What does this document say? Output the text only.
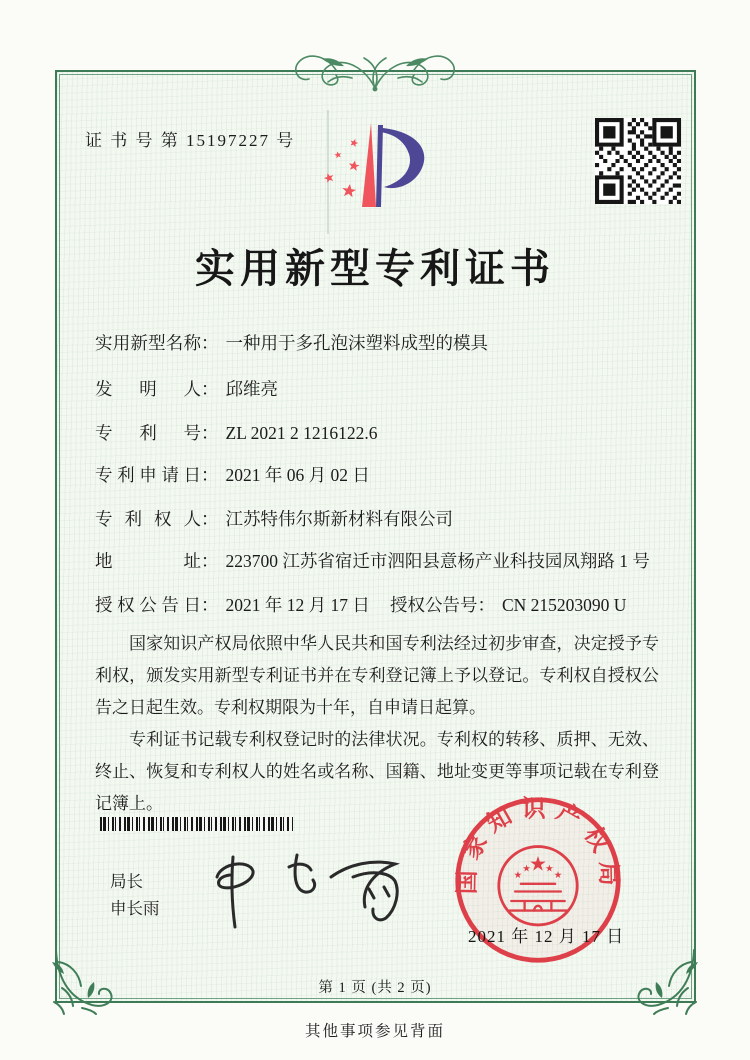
证 书 号 第 15197227 号
实用新型专利证书
实用新型名称： 一种用于多孔泡沫塑料成型的模具
发明人： 邱维亮
专利号： ZL 2021 2 1216122.6
专利申请日： 2021 年 06 月 02 日
专利权人： 江苏特伟尔斯新材料有限公司
地址： 223700 江苏省宿迁市泗阳县意杨产业科技园凤翔路 1 号
授权公告日： 2021 年 12 月 17 日 授权公告号： CN 215203090 U

国家知识产权局依照中华人民共和国专利法经过初步审查，决定授予专利权，颁发实用新型专利证书并在专利登记簿上予以登记。专利权自授权公告之日起生效。专利权期限为十年，自申请日起算。

专利证书记载专利权登记时的法律状况。专利权的转移、质押、无效、终止、恢复和专利权人的姓名或名称、国籍、地址变更等事项记载在专利登记簿上。

局长
申长雨
国家知识产权局
★
★	★
★ ★
2021 年 12 月 17 日
第 1 页 (共 2 页)
其他事项参见背面
